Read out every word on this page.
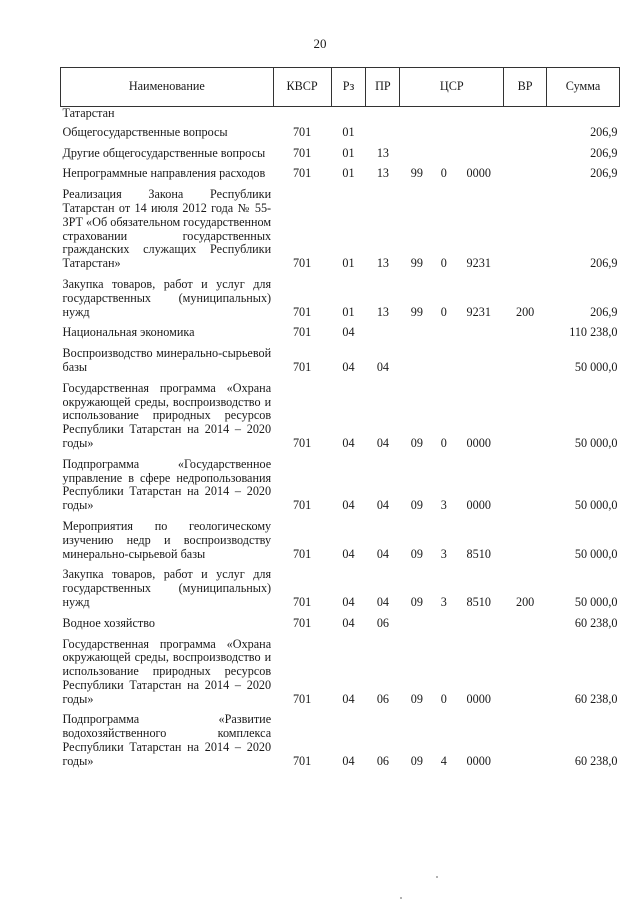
20
Наименование	КВСР	Рз	ПР	ЦСР			ВР	Сумма
Татарстан								
Общегосударственные вопросы	701	01						206,9
Другие общегосударственные вопросы	701	01	13					206,9
Непрограммные направления расходов	701	01	13	99	0	0000		206,9
Реализация Закона Республики Татарстан от 14 июля 2012 года № 55-ЗРТ «Об обязательном государственном страховании государственных гражданских служащих Республики Татарстан»	701	01	13	99	0	9231		206,9
Закупка товаров, работ и услуг для государственных (муниципальных) нужд	701	01	13	99	0	9231	200	206,9
Национальная экономика	701	04						110 238,0
Воспроизводство минерально-сырьевой базы	701	04	04					50 000,0
Государственная программа «Охрана окружающей среды, воспроизводство и использование природных ресурсов Республики Татарстан на 2014 – 2020 годы»	701	04	04	09	0	0000		50 000,0
Подпрограмма «Государственное управление в сфере недропользования Республики Татарстан на 2014 – 2020 годы»	701	04	04	09	3	0000		50 000,0
Мероприятия по геологическому изучению недр и воспроизводству минерально-сырьевой базы	701	04	04	09	3	8510		50 000,0
Закупка товаров, работ и услуг для государственных (муниципальных) нужд	701	04	04	09	3	8510	200	50 000,0
Водное хозяйство	701	04	06					60 238,0
Государственная программа «Охрана окружающей среды, воспроизводство и использование природных ресурсов Республики Татарстан на 2014 – 2020 годы»	701	04	06	09	0	0000		60 238,0
Подпрограмма «Развитие водохозяйственного комплекса Республики Татарстан на 2014 – 2020 годы»	701	04	06	09	4	0000		60 238,0
